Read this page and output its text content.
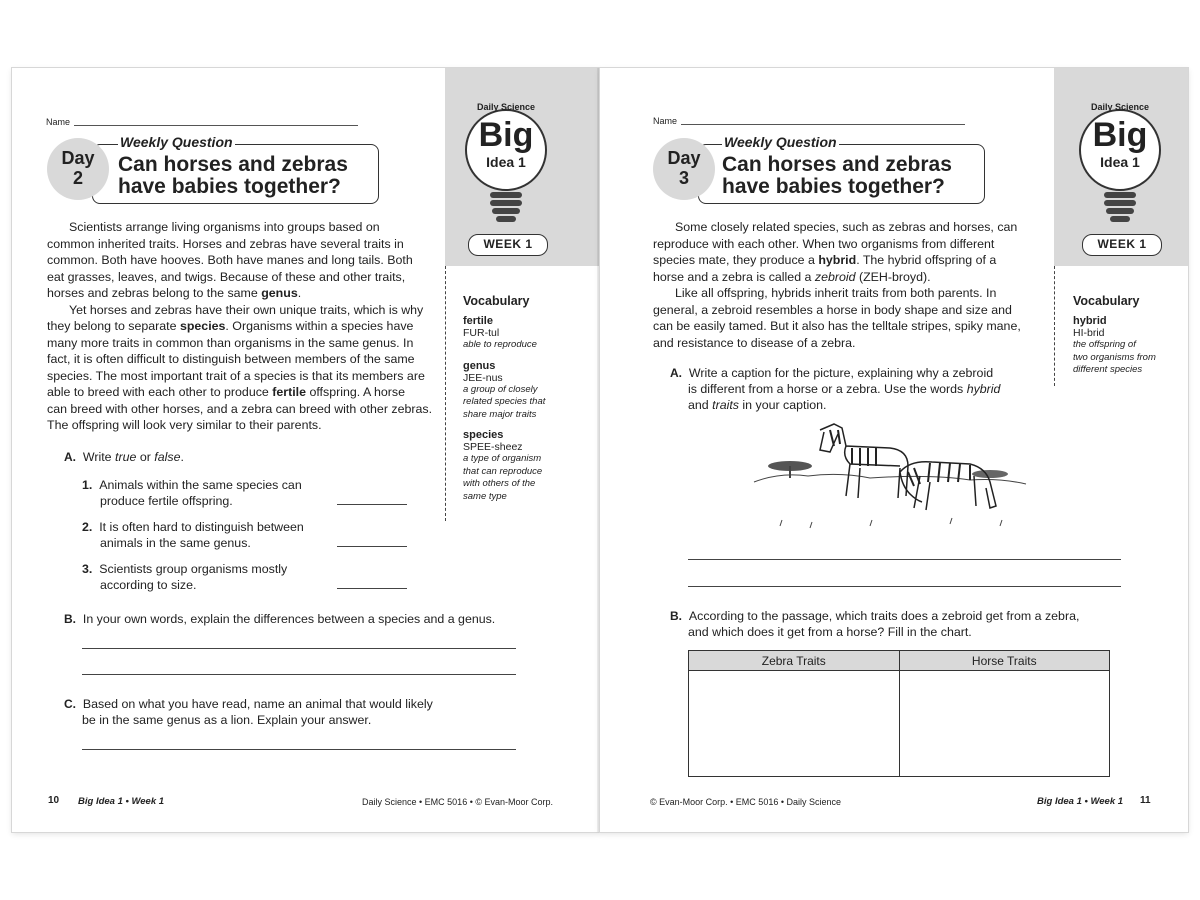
Name
Day
2
Weekly Question
Can horses and zebras
have babies together?
Daily Science
Big
Idea 1
WEEK 1

Scientists arrange living organisms into groups based on
common inherited traits. Horses and zebras have several traits in
common. Both have hooves. Both have manes and long tails. Both
eat grasses, leaves, and twigs. Because of these and other traits,
horses and zebras belong to the same genus.

Yet horses and zebras have their own unique traits, which is why
they belong to separate species. Organisms within a species have
many more traits in common than organisms in the same genus. In
fact, it is often difficult to distinguish between members of the same
species. The most important trait of a species is that its members are
able to breed with each other to produce fertile offspring. A horse
can breed with other horses, and a zebra can breed with other zebras.
The offspring will look very similar to their parents.

Vocabulary
fertile
FUR-tul
able to reproduce
genus
JEE-nus
a group of closely
related species that
share major traits
species
SPEE-sheez
a type of organism
that can reproduce
with others of the
same type
A. Write true or false.
1. Animals within the same species can
produce fertile offspring.
2. It is often hard to distinguish between
animals in the same genus.
3. Scientists group organisms mostly
according to size.
B. In your own words, explain the differences between a species and a genus.
C. Based on what you have read, name an animal that would likely
be in the same genus as a lion. Explain your answer.
10 Big Idea 1 • Week 1	Daily Science • EMC 5016 • © Evan-Moor Corp.
Name
Day
3
Weekly Question
Can horses and zebras
have babies together?
Daily Science
Big
Idea 1
WEEK 1

Some closely related species, such as zebras and horses, can
reproduce with each other. When two organisms from different
species mate, they produce a hybrid. The hybrid offspring of a
horse and a zebra is called a zebroid (ZEH-broyd).

Like all offspring, hybrids inherit traits from both parents. In
general, a zebroid resembles a horse in body shape and size and
can be easily tamed. But it also has the telltale stripes, spiky mane,
and resistance to disease of a zebra.

Vocabulary
hybrid
HI-brid
the offspring of
two organisms from
different species
A. Write a caption for the picture, explaining why a zebroid
is different from a horse or a zebra. Use the words hybrid
and traits in your caption.
B. According to the passage, which traits does a zebroid get from a zebra,
and which does it get from a horse? Fill in the chart.
Zebra Traits	Horse Traits

© Evan-Moor Corp. • EMC 5016 • Daily Science	Big Idea 1 • Week 1 11
